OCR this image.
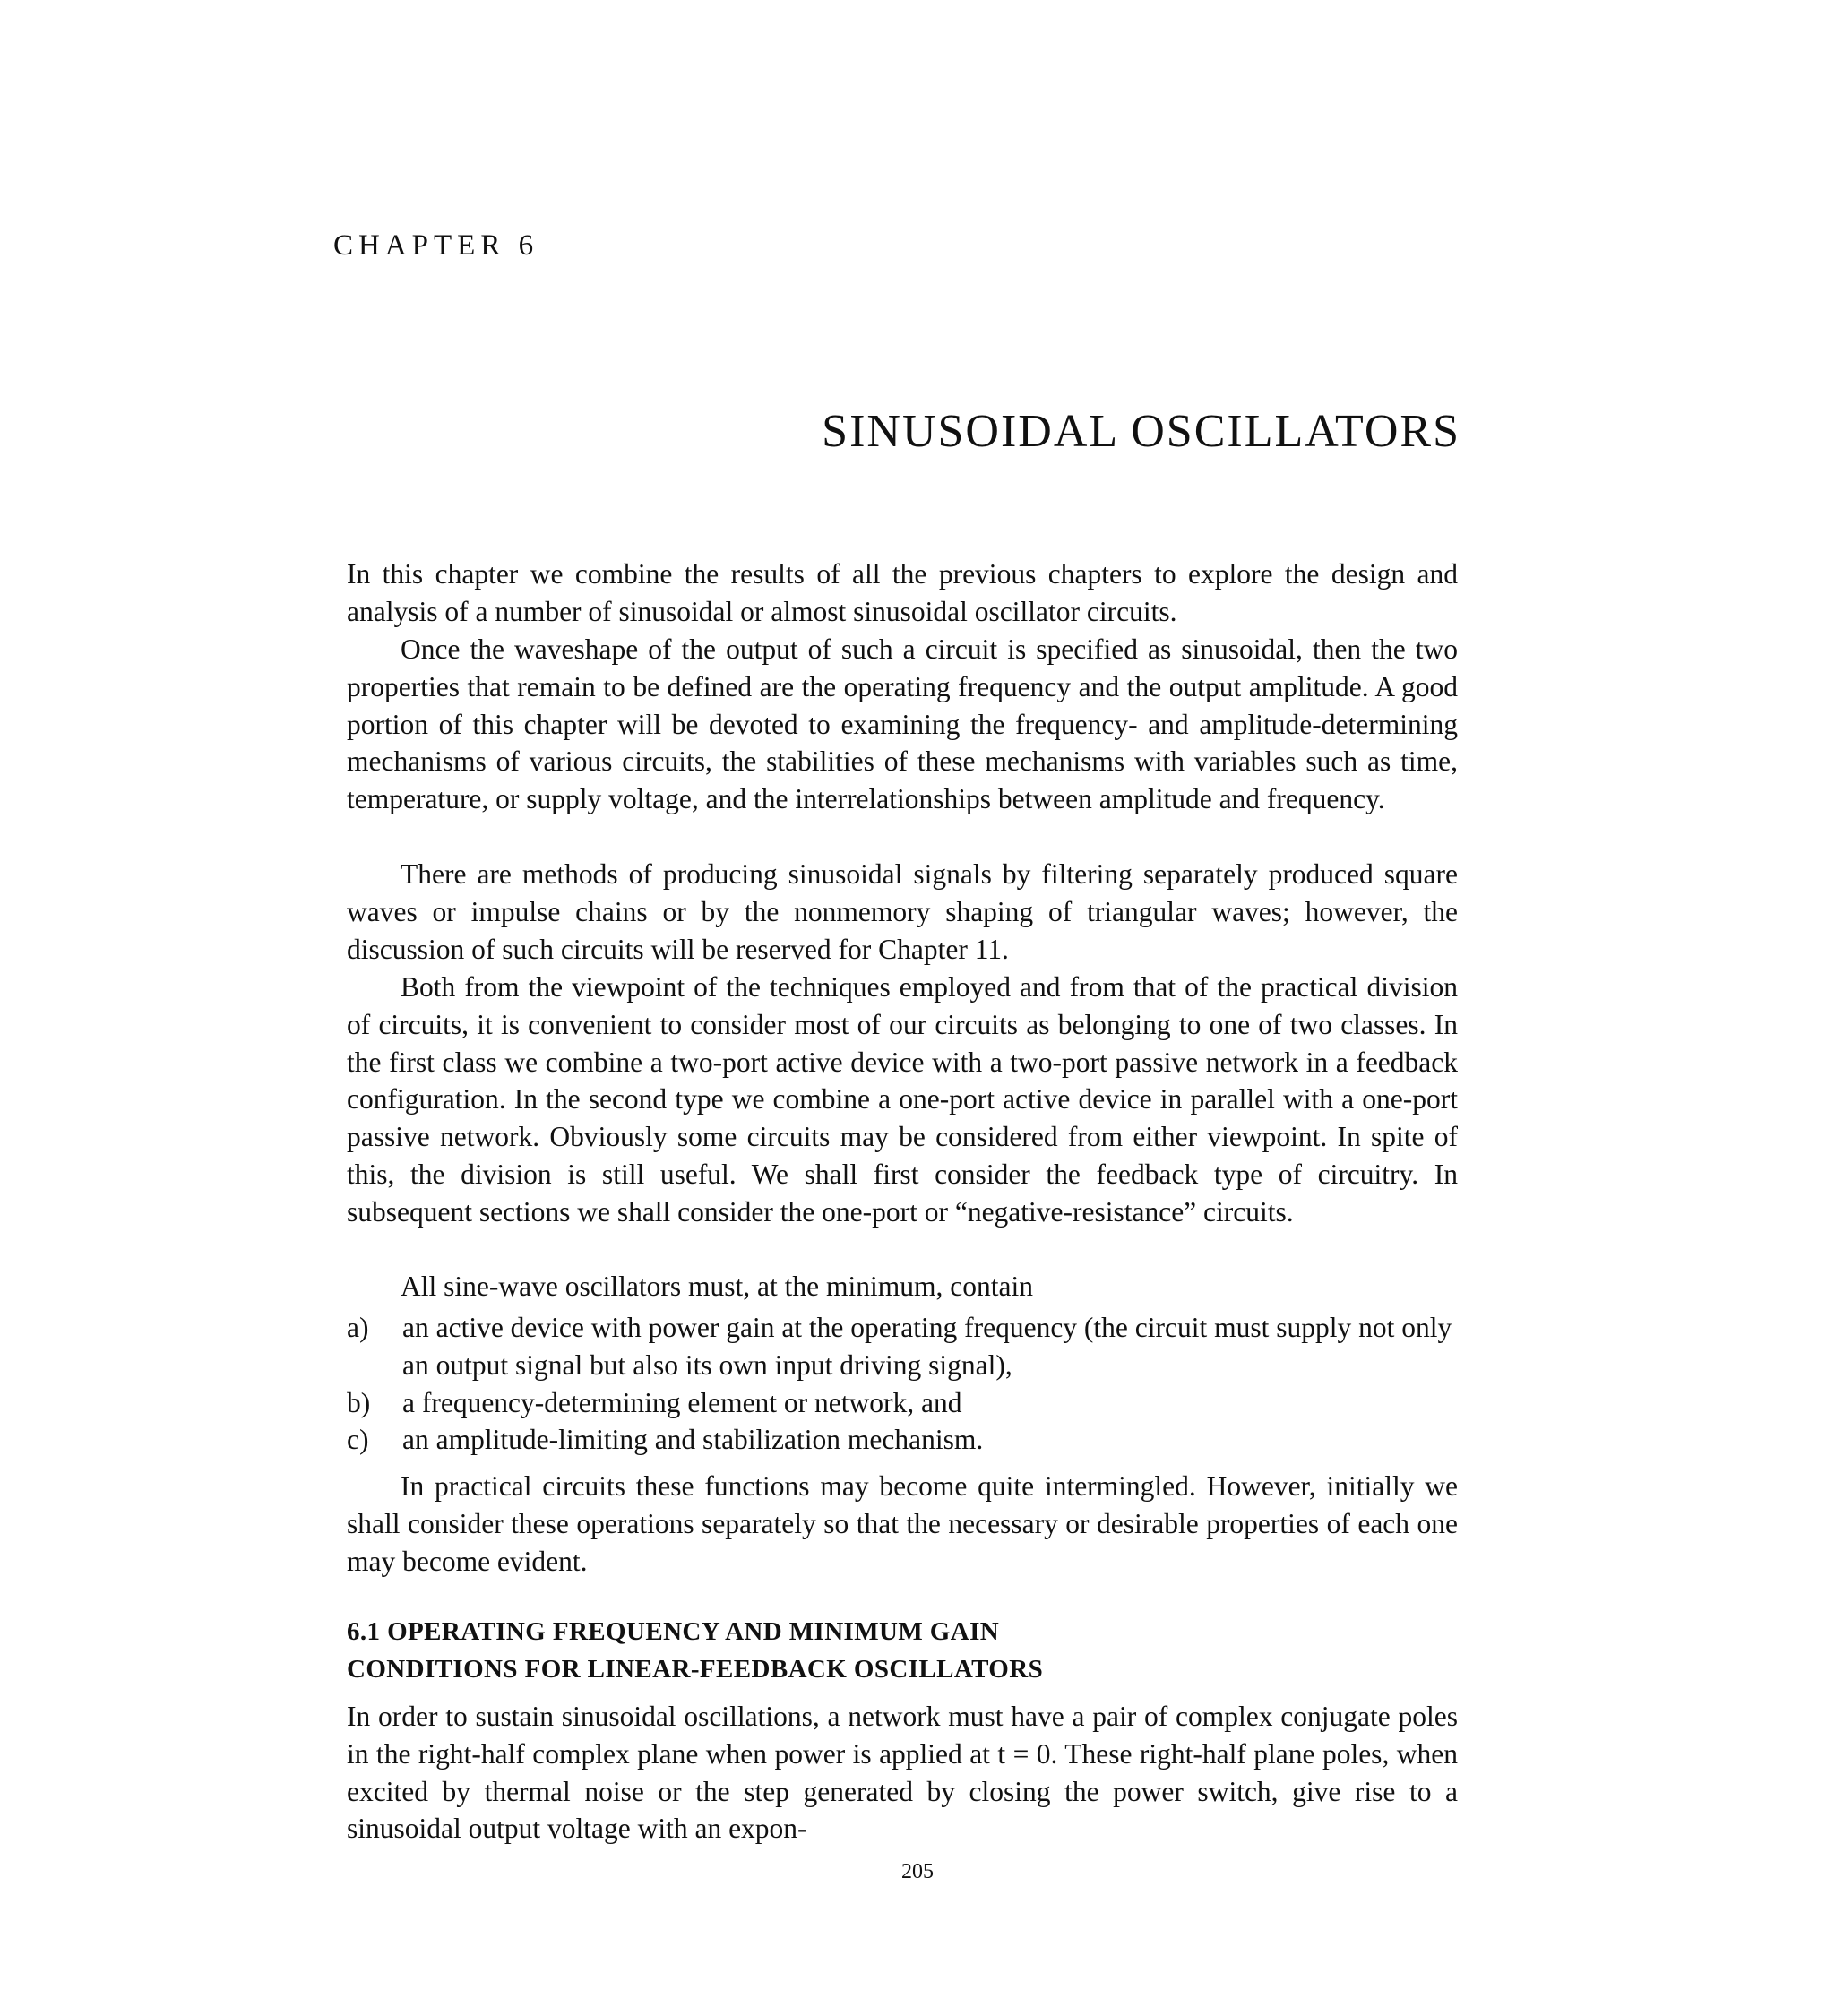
CHAPTER 6
SINUSOIDAL OSCILLATORS

In this chapter we combine the results of all the previous chapters to explore the design and analysis of a number of sinusoidal or almost sinusoidal oscillator circuits.

Once the waveshape of the output of such a circuit is specified as sinusoidal, then the two properties that remain to be defined are the operating frequency and the output amplitude. A good portion of this chapter will be devoted to examining the frequency- and amplitude-determining mechanisms of various circuits, the stabilities of these mechanisms with variables such as time, temperature, or supply voltage, and the interrelationships between amplitude and frequency.

There are methods of producing sinusoidal signals by filtering separately produced square waves or impulse chains or by the nonmemory shaping of triangular waves; however, the discussion of such circuits will be reserved for Chapter 11.

Both from the viewpoint of the techniques employed and from that of the practical division of circuits, it is convenient to consider most of our circuits as belonging to one of two classes. In the first class we combine a two-port active device with a two-port passive network in a feedback configuration. In the second type we combine a one-port active device in parallel with a one-port passive network. Obviously some circuits may be considered from either viewpoint. In spite of this, the division is still useful. We shall first consider the feedback type of circuitry. In subsequent sections we shall consider the one-port or “negative-resistance” circuits.

All sine-wave oscillators must, at the minimum, contain

a) an active device with power gain at the operating frequency (the circuit must supply not only an output signal but also its own input driving signal),
b) a frequency-determining element or network, and
c) an amplitude-limiting and stabilization mechanism.

In practical circuits these functions may become quite intermingled. However, initially we shall consider these operations separately so that the necessary or desirable properties of each one may become evident.

6.1 OPERATING FREQUENCY AND MINIMUM GAIN
CONDITIONS FOR LINEAR-FEEDBACK OSCILLATORS

In order to sustain sinusoidal oscillations, a network must have a pair of complex conjugate poles in the right-half complex plane when power is applied at t = 0. These right-half plane poles, when excited by thermal noise or the step generated by closing the power switch, give rise to a sinusoidal output voltage with an expon-

205
